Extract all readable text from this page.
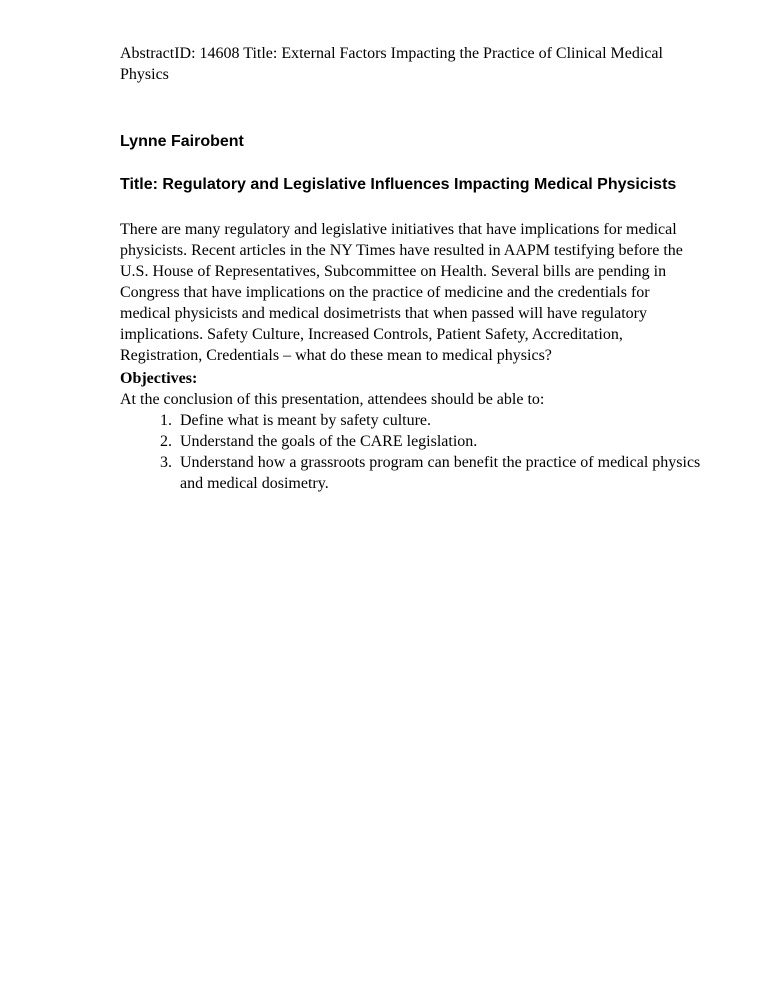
AbstractID: 14608 Title: External Factors Impacting the Practice of Clinical Medical
Physics
Lynne Fairobent
Title: Regulatory and Legislative Influences Impacting Medical Physicists
There are many regulatory and legislative initiatives that have implications for medical
physicists. Recent articles in the NY Times have resulted in AAPM testifying before the
U.S. House of Representatives, Subcommittee on Health. Several bills are pending in
Congress that have implications on the practice of medicine and the credentials for
medical physicists and medical dosimetrists that when passed will have regulatory
implications. Safety Culture, Increased Controls, Patient Safety, Accreditation,
Registration, Credentials – what do these mean to medical physics?
Objectives:
At the conclusion of this presentation, attendees should be able to:
1. Define what is meant by safety culture.
2. Understand the goals of the CARE legislation.
3. Understand how a grassroots program can benefit the practice of medical physics
and medical dosimetry.
